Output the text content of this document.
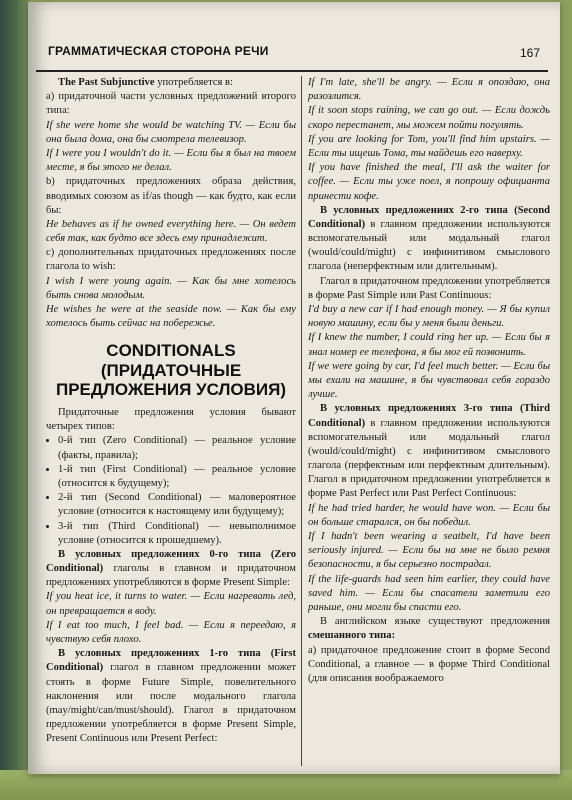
ГРАММАТИЧЕСКАЯ СТОРОНА РЕЧИ	167

The Past Subjunctive употребляется в:

а) придаточной части условных предложений второго типа:

If she were home she would be watching TV. — Если бы она была дома, она бы смотрела телевизор.

If I were you I wouldn't do it. — Если бы я был на твоем месте, я бы этого не делал.

b) придаточных предложениях образа действия, вводимых союзом as if/as though — как будто, как если бы:

He behaves as if he owned everything here. — Он ведет себя так, как будто все здесь ему принадлежит.

c) дополнительных придаточных предложениях после глагола to wish:

I wish I were young again. — Как бы мне хотелось быть снова молодым.

He wishes he were at the seaside now. — Как бы ему хотелось быть сейчас на побережье.

CONDITIONALS (ПРИДАТОЧНЫЕ ПРЕДЛОЖЕНИЯ УСЛОВИЯ)

Придаточные предложения условия бывают четырех типов:

• 0-й тип (Zero Conditional) — реальное условие (факты, правила);
• 1-й тип (First Conditional) — реальное условие (относится к будущему);
• 2-й тип (Second Conditional) — маловероятное условие (относится к настоящему или будущему);
• 3-й тип (Third Conditional) — невыполнимое условие (относится к прошедшему).

В условных предложениях 0-го типа (Zero Conditional) глаголы в главном и придаточном предложениях употребляются в форме Present Simple:

If you heat ice, it turns to water. — Если нагревать лед, он превращается в воду.

If I eat too much, I feel bad. — Если я переедаю, я чувствую себя плохо.

В условных предложениях 1-го типа (First Conditional) глагол в главном предложении может стоять в форме Future Simple, повелительного наклонения или после модального глагола (may/might/can/must/should). Глагол в придаточном предложении употребляется в форме Present Simple, Present Continuous или Present Perfect:

If I'm late, she'll be angry. — Если я опоздаю, она разозлится.

If it soon stops raining, we can go out. — Если дождь скоро перестанет, мы можем пойти погулять.

If you are looking for Tom, you'll find him upstairs. — Если ты ищешь Тома, ты найдешь его наверху.

If you have finished the meal, I'll ask the waiter for coffee. — Если ты уже поел, я попрошу официанта принести кофе.

В условных предложениях 2-го типа (Second Conditional) в главном предложении используются вспомогательный или модальный глагол (would/could/might) с инфинитивом смыслового глагола (неперфектным или длительным).

Глагол в придаточном предложении употребляется в форме Past Simple или Past Continuous:

I'd buy a new car if I had enough money. — Я бы купил новую машину, если бы у меня были деньги.

If I knew the number, I could ring her up. — Если бы я знал номер ее телефона, я бы мог ей позвонить.

If we were going by car, I'd feel much better. — Если бы мы ехали на машине, я бы чувствовал себя гораздо лучше.

В условных предложениях 3-го типа (Third Conditional) в главном предложении используются вспомогательный или модальный глагол (would/could/might) с инфинитивом смыслового глагола (перфектным или перфектным длительным). Глагол в придаточном предложении употребляется в форме Past Perfect или Past Perfect Continuous:

If he had tried harder, he would have won. — Если бы он больше старался, он бы победил.

If I hadn't been wearing a seatbelt, I'd have been seriously injured. — Если бы на мне не было ремня безопасности, я бы серьезно пострадал.

If the life-guards had seen him earlier, they could have saved him. — Если бы спасатели заметили его раньше, они могли бы спасти его.

В английском языке существуют предложения смешанного типа:

а) придаточное предложение стоит в форме Second Conditional, а главное — в форме Third Conditional (для описания воображаемого
